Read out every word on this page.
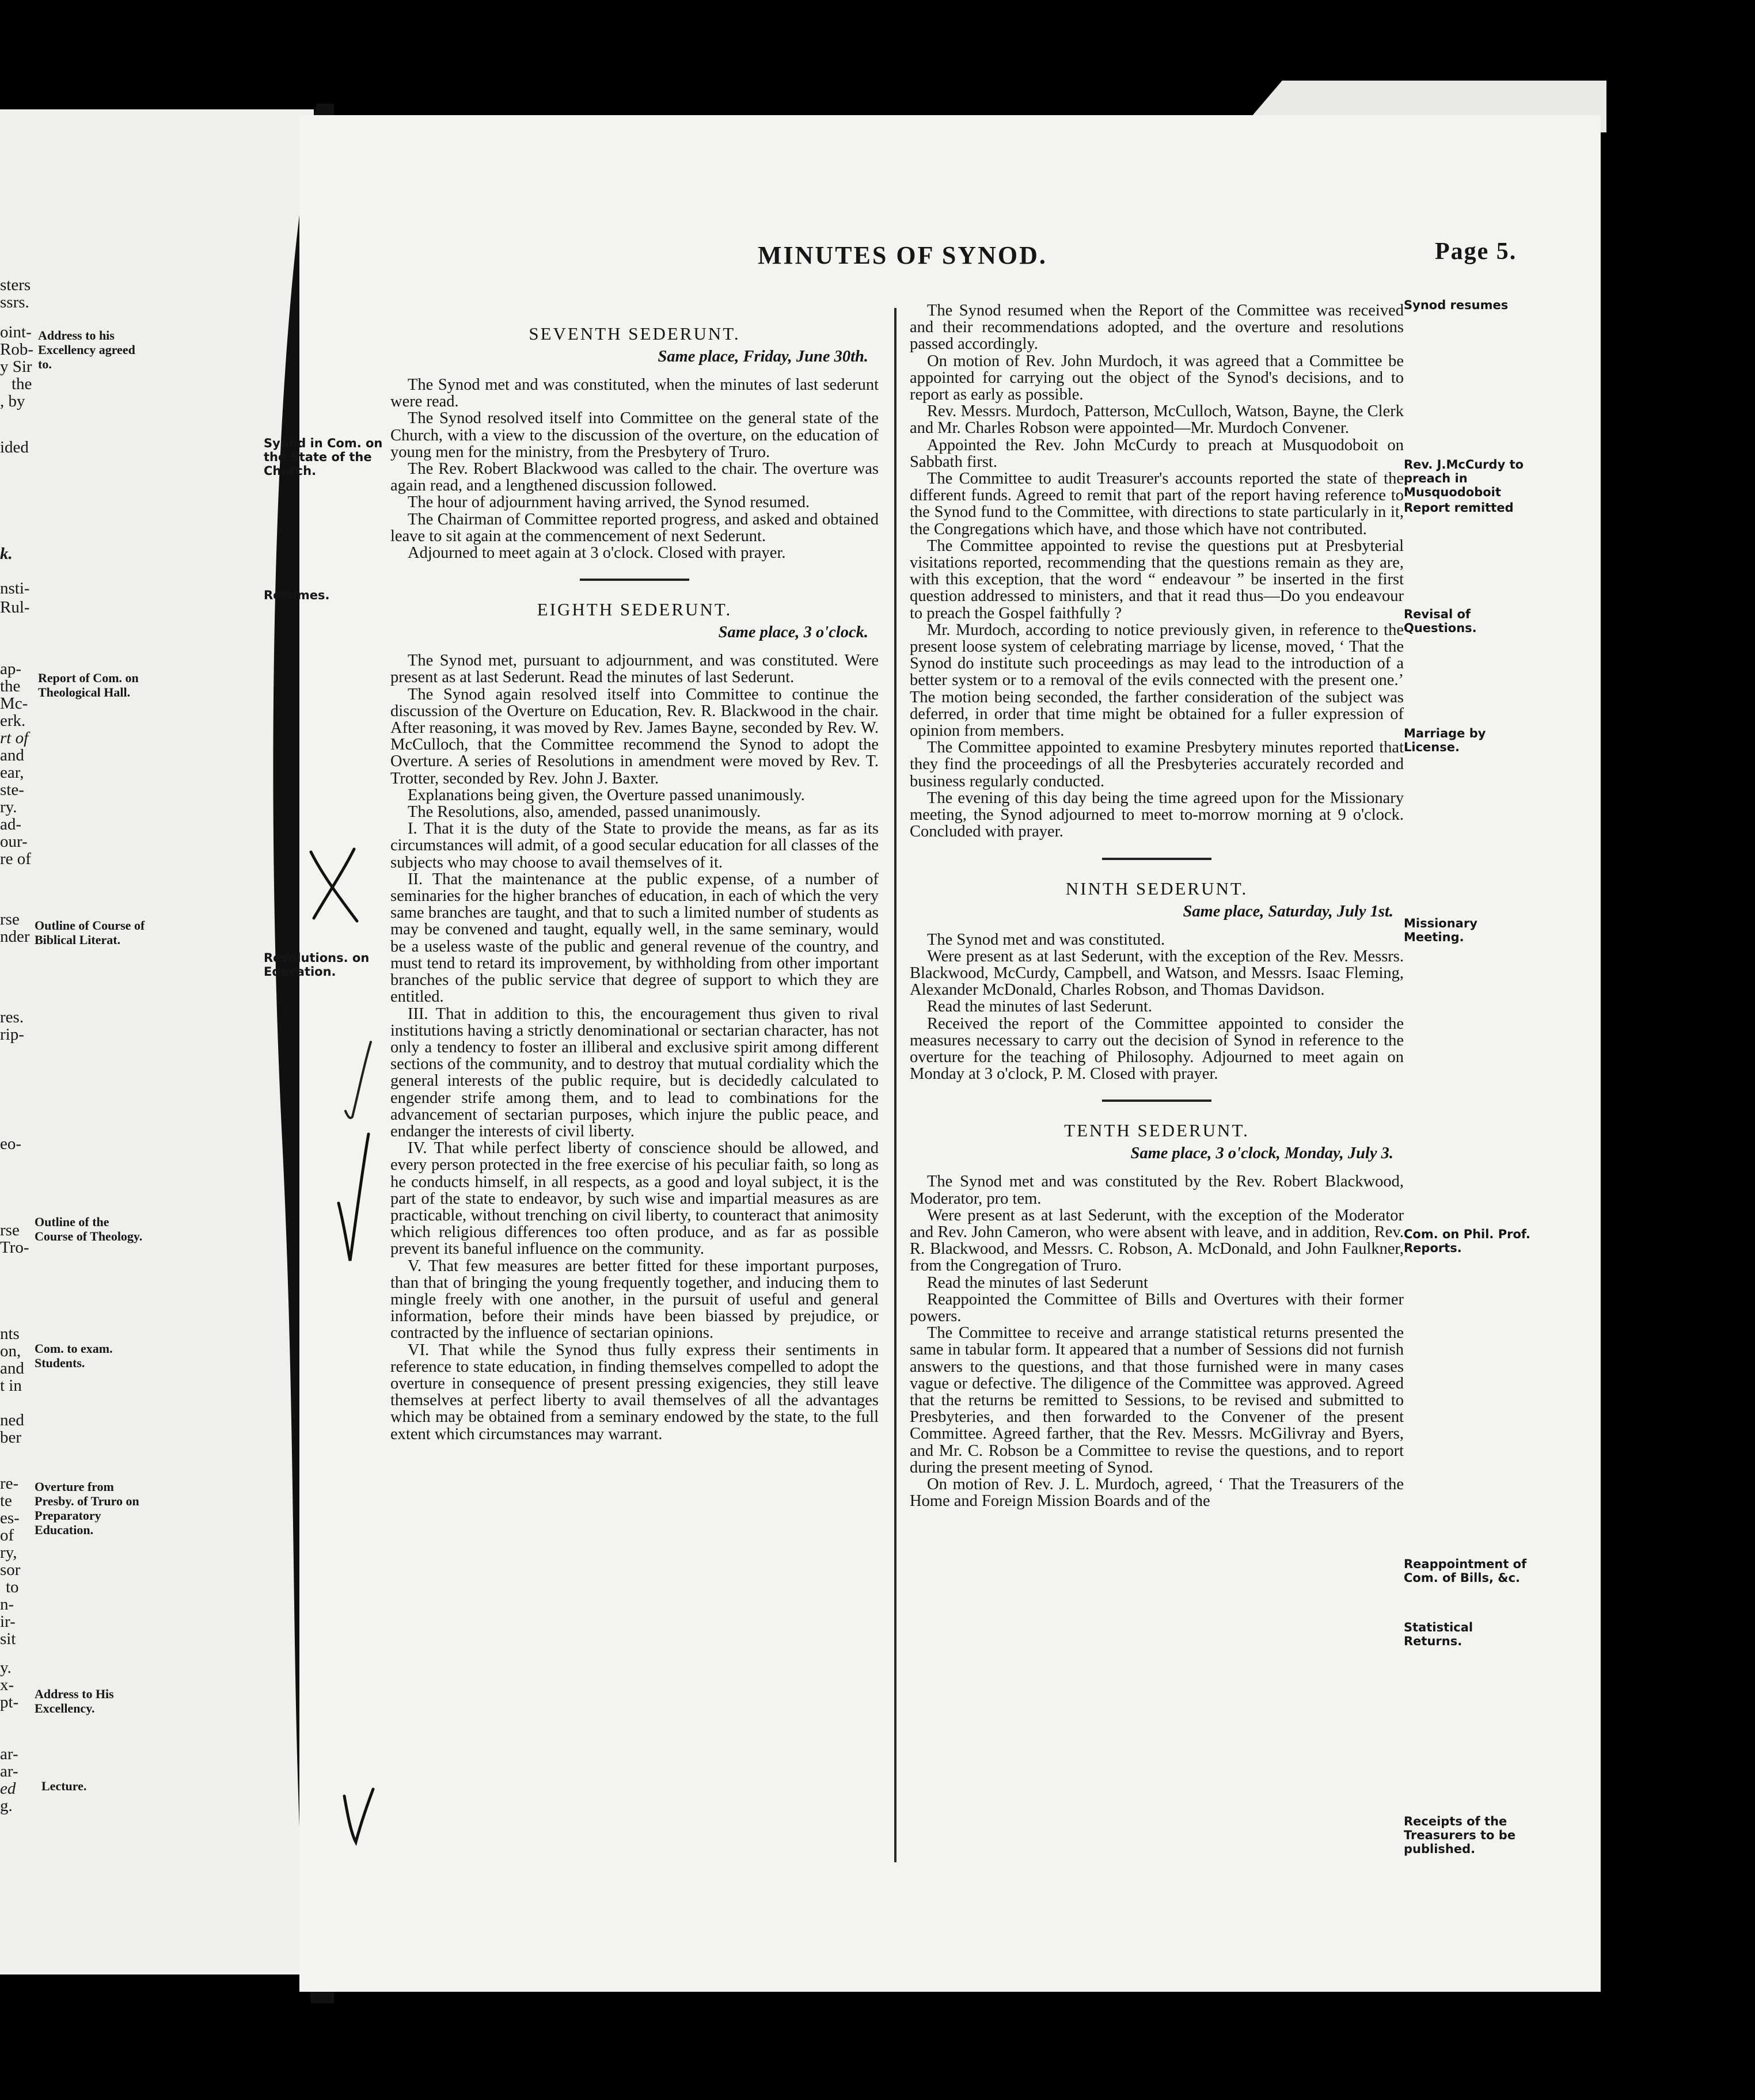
sters
ssrs.
oint-
Rob-
y Sir
the
, by
ided
k.
nsti-
Rul-
ap-
the
Mc-
erk.
rt of
and
ear,
ste-
ry.
ad-
our-
re of
rse
nder
res.
rip-
eo-
rse
Tro-
nts
on,
and
t in
ned
ber
re-
te
es-
of
ry,
sor
to
n-
ir-
sit
y.
x-
pt-
ar-
ar-
ed
g.
Address to his Excellency agreed to.
Report of Com. on Theological Hall.
Outline of Course of Biblical Literat.
Outline of the Course of Theology.
Com. to exam. Students.
Overture from Presby. of Truro on Preparatory Education.
Address to His Excellency.
Lecture.
MINUTES OF SYNOD.	Page 5.
SEVENTH SEDERUNT.
Same place, Friday, June 30th.

The Synod met and was constituted, when the minutes of last sederunt were read.

The Synod resolved itself into Committee on the general state of the Church, with a view to the discussion of the overture, on the education of young men for the ministry, from the Presbytery of Truro.

The Rev. Robert Blackwood was called to the chair. The overture was again read, and a lengthened discussion followed.

The hour of adjournment having arrived, the Synod resumed.

The Chairman of Committee reported progress, and asked and obtained leave to sit again at the commencement of next Sederunt.

Adjourned to meet again at 3 o'clock. Closed with prayer.

EIGHTH SEDERUNT.
Same place, 3 o'clock.

The Synod met, pursuant to adjournment, and was constituted. Were present as at last Sederunt. Read the minutes of last Sederunt.

The Synod again resolved itself into Committee to continue the discussion of the Overture on Education, Rev. R. Blackwood in the chair. After reasoning, it was moved by Rev. James Bayne, seconded by Rev. W. McCulloch, that the Committee recommend the Synod to adopt the Overture. A series of Resolutions in amendment were moved by Rev. T. Trotter, seconded by Rev. John J. Baxter.

Explanations being given, the Overture passed unanimously.

The Resolutions, also, amended, passed unanimously.

I. That it is the duty of the State to provide the means, as far as its circumstances will admit, of a good secular education for all classes of the subjects who may choose to avail themselves of it.

II. That the maintenance at the public expense, of a number of seminaries for the higher branches of education, in each of which the very same branches are taught, and that to such a limited number of students as may be convened and taught, equally well, in the same seminary, would be a useless waste of the public and general revenue of the country, and must tend to retard its improvement, by withholding from other important branches of the public service that degree of support to which they are entitled.

III. That in addition to this, the encouragement thus given to rival institutions having a strictly denominational or sectarian character, has not only a tendency to foster an illiberal and exclusive spirit among different sections of the community, and to destroy that mutual cordiality which the general interests of the public require, but is decidedly calculated to engender strife among them, and to lead to combinations for the advancement of sectarian purposes, which injure the public peace, and endanger the interests of civil liberty.

IV. That while perfect liberty of conscience should be allowed, and every person protected in the free exercise of his peculiar faith, so long as he conducts himself, in all respects, as a good and loyal subject, it is the part of the state to endeavor, by such wise and impartial measures as are practicable, without trenching on civil liberty, to counteract that animosity which religious differences too often produce, and as far as possible prevent its baneful influence on the community.

V. That few measures are better fitted for these important purposes, than that of bringing the young frequently together, and inducing them to mingle freely with one another, in the pursuit of useful and general information, before their minds have been biassed by prejudice, or contracted by the influence of sectarian opinions.

VI. That while the Synod thus fully express their sentiments in reference to state education, in finding themselves compelled to adopt the overture in consequence of present pressing exigencies, they still leave themselves at perfect liberty to avail themselves of all the advantages which may be obtained from a seminary endowed by the state, to the full extent which circumstances may warrant.

The Synod resumed when the Report of the Committee was received and their recommendations adopted, and the overture and resolutions passed accordingly.

On motion of Rev. John Murdoch, it was agreed that a Committee be appointed for carrying out the object of the Synod's decisions, and to report as early as possible.

Rev. Messrs. Murdoch, Patterson, McCulloch, Watson, Bayne, the Clerk and Mr. Charles Robson were appointed—Mr. Murdoch Convener.

Appointed the Rev. John McCurdy to preach at Musquodoboit on Sabbath first.

The Committee to audit Treasurer's accounts reported the state of the different funds. Agreed to remit that part of the report having reference to the Synod fund to the Committee, with directions to state particularly in it, the Congregations which have, and those which have not contributed.

The Committee appointed to revise the questions put at Presbyterial visitations reported, recommending that the questions remain as they are, with this exception, that the word “ endeavour ” be inserted in the first question addressed to ministers, and that it read thus—Do you endeavour to preach the Gospel faithfully ?

Mr. Murdoch, according to notice previously given, in reference to the present loose system of celebrating marriage by license, moved, ‘ That the Synod do institute such proceedings as may lead to the introduction of a better system or to a removal of the evils connected with the present one.’ The motion being seconded, the farther consideration of the subject was deferred, in order that time might be obtained for a fuller expression of opinion from members.

The Committee appointed to examine Presbytery minutes reported that they find the proceedings of all the Presbyteries accurately recorded and business regularly conducted.

The evening of this day being the time agreed upon for the Missionary meeting, the Synod adjourned to meet to-morrow morning at 9 o'clock. Concluded with prayer.

NINTH SEDERUNT.
Same place, Saturday, July 1st.

The Synod met and was constituted.

Were present as at last Sederunt, with the exception of the Rev. Messrs. Blackwood, McCurdy, Campbell, and Watson, and Messrs. Isaac Fleming, Alexander McDonald, Charles Robson, and Thomas Davidson.

Read the minutes of last Sederunt.

Received the report of the Committee appointed to consider the measures necessary to carry out the decision of Synod in reference to the overture for the teaching of Philosophy. Adjourned to meet again on Monday at 3 o'clock, P. M. Closed with prayer.

TENTH SEDERUNT.
Same place, 3 o'clock, Monday, July 3.

The Synod met and was constituted by the Rev. Robert Blackwood, Moderator, pro tem.

Were present as at last Sederunt, with the exception of the Moderator and Rev. John Cameron, who were absent with leave, and in addition, Rev. R. Blackwood, and Messrs. C. Robson, A. McDonald, and John Faulkner, from the Congregation of Truro.

Read the minutes of last Sederunt

Reappointed the Committee of Bills and Overtures with their former powers.

The Committee to receive and arrange statistical returns presented the same in tabular form. It appeared that a number of Sessions did not furnish answers to the questions, and that those furnished were in many cases vague or defective. The diligence of the Committee was approved. Agreed that the returns be remitted to Sessions, to be revised and submitted to Presbyteries, and then forwarded to the Convener of the present Committee. Agreed farther, that the Rev. Messrs. McGilivray and Byers, and Mr. C. Robson be a Committee to revise the questions, and to report during the present meeting of Synod.

On motion of Rev. J. L. Murdoch, agreed, ‘ That the Treasurers of the Home and Foreign Mission Boards and of the

Synod in Com. on the State of the Church.
Resumes.
Resolutions. on Education.
Synod resumes
Rev. J.McCurdy to preach in Musquodoboit
Report remitted
Revisal of Questions.
Marriage by License.
Missionary Meeting.
Com. on Phil. Prof. Reports.
Reappointment of Com. of Bills, &c.
Statistical Returns.
Receipts of the Treasurers to be published.
